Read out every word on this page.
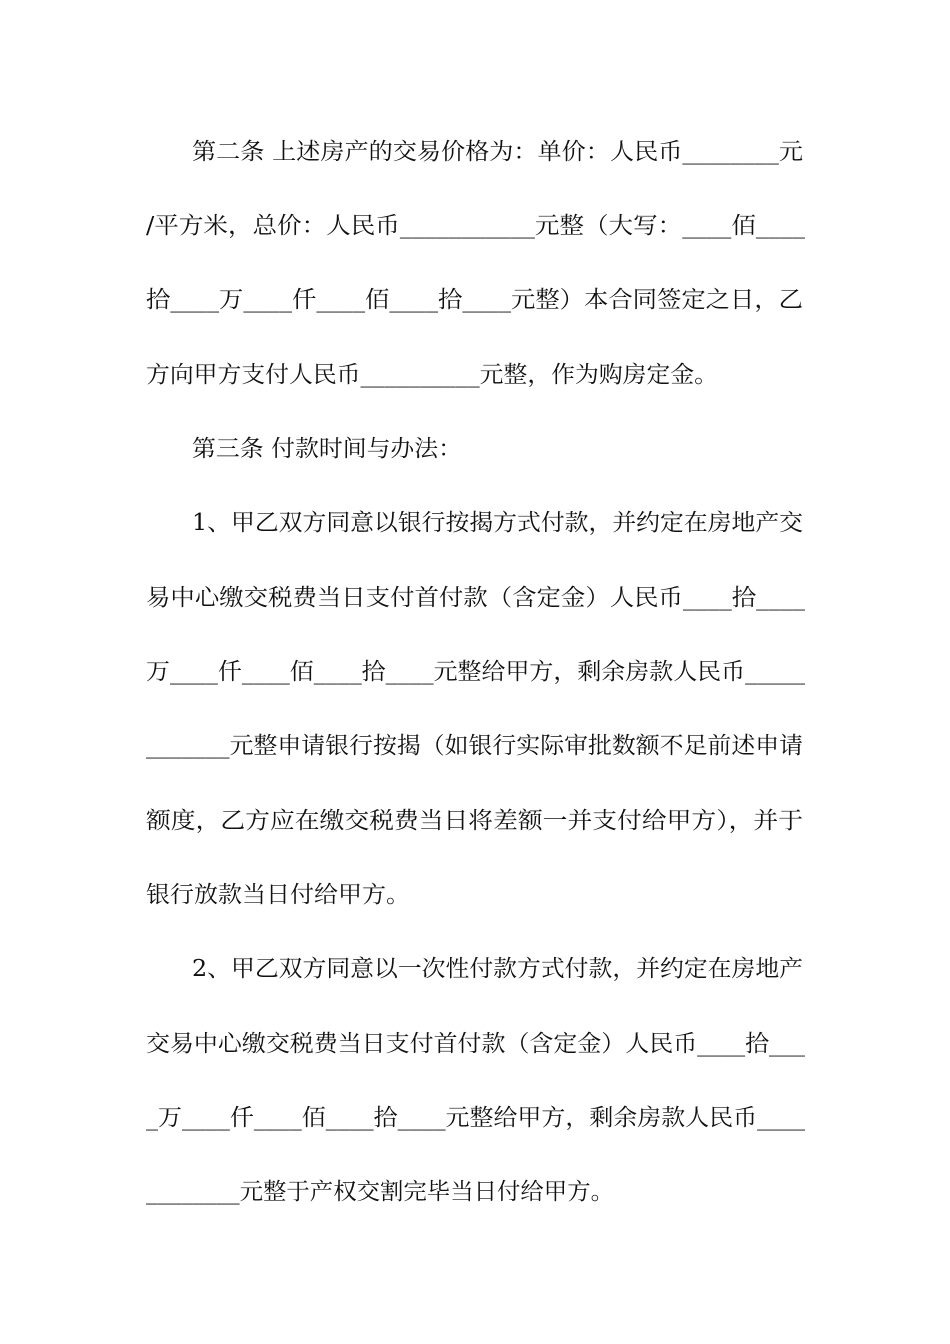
第二条 上述房产的交易价格为：单价：人民币________元

/平方米，总价：人民币___________元整（大写：____佰____

拾____万____仟____佰____拾____元整）本合同签定之日，乙

方向甲方支付人民币__________元整，作为购房定金。

第三条 付款时间与办法：

1、甲乙双方同意以银行按揭方式付款，并约定在房地产交

易中心缴交税费当日支付首付款（含定金）人民币____拾____

万____仟____佰____拾____元整给甲方，剩余房款人民币_____

_______元整申请银行按揭（如银行实际审批数额不足前述申请

额度，乙方应在缴交税费当日将差额一并支付给甲方），并于

银行放款当日付给甲方。

2、甲乙双方同意以一次性付款方式付款，并约定在房地产

交易中心缴交税费当日支付首付款（含定金）人民币____拾___

_万____仟____佰____拾____元整给甲方，剩余房款人民币____

________元整于产权交割完毕当日付给甲方。
